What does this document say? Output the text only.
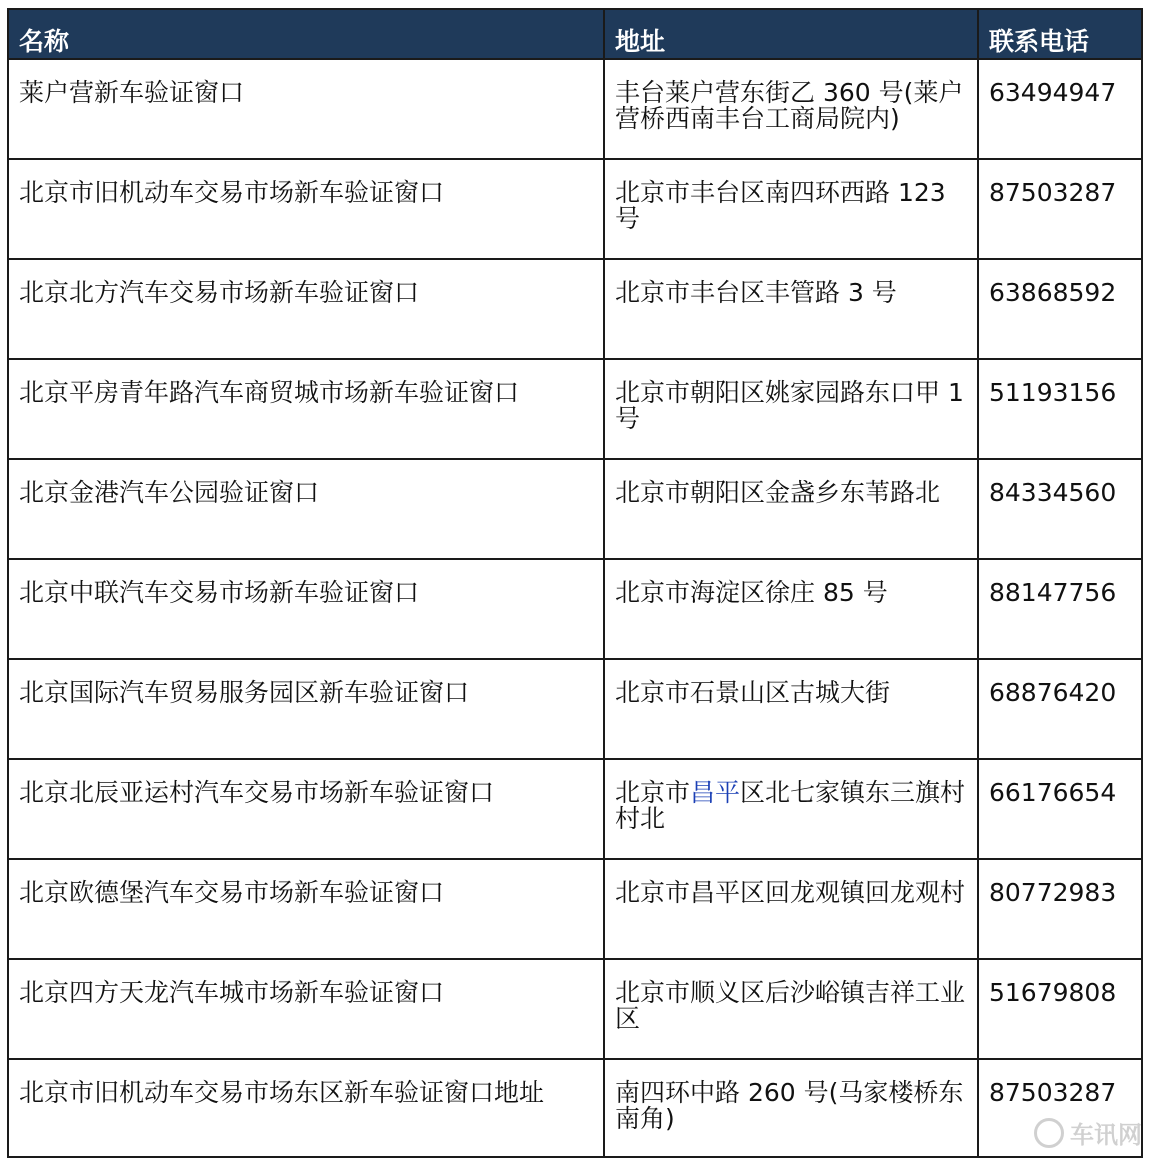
名称	地址	联系电话
莱户营新车验证窗口	丰台莱户营东街乙 360 号(莱户营桥西南丰台工商局院内)	63494947
北京市旧机动车交易市场新车验证窗口	北京市丰台区南四环西路 123 号	87503287
北京北方汽车交易市场新车验证窗口	北京市丰台区丰管路 3 号	63868592
北京平房青年路汽车商贸城市场新车验证窗口	北京市朝阳区姚家园路东口甲 1 号	51193156
北京金港汽车公园验证窗口	北京市朝阳区金盏乡东苇路北	84334560
北京中联汽车交易市场新车验证窗口	北京市海淀区徐庄 85 号	88147756
北京国际汽车贸易服务园区新车验证窗口	北京市石景山区古城大街	68876420
北京北辰亚运村汽车交易市场新车验证窗口	北京市昌平区北七家镇东三旗村村北	66176654
北京欧德堡汽车交易市场新车验证窗口	北京市昌平区回龙观镇回龙观村	80772983
北京四方天龙汽车城市场新车验证窗口	北京市顺义区后沙峪镇吉祥工业区	51679808
北京市旧机动车交易市场东区新车验证窗口地址	南四环中路 260 号(马家楼桥东南角)	87503287
车讯网
